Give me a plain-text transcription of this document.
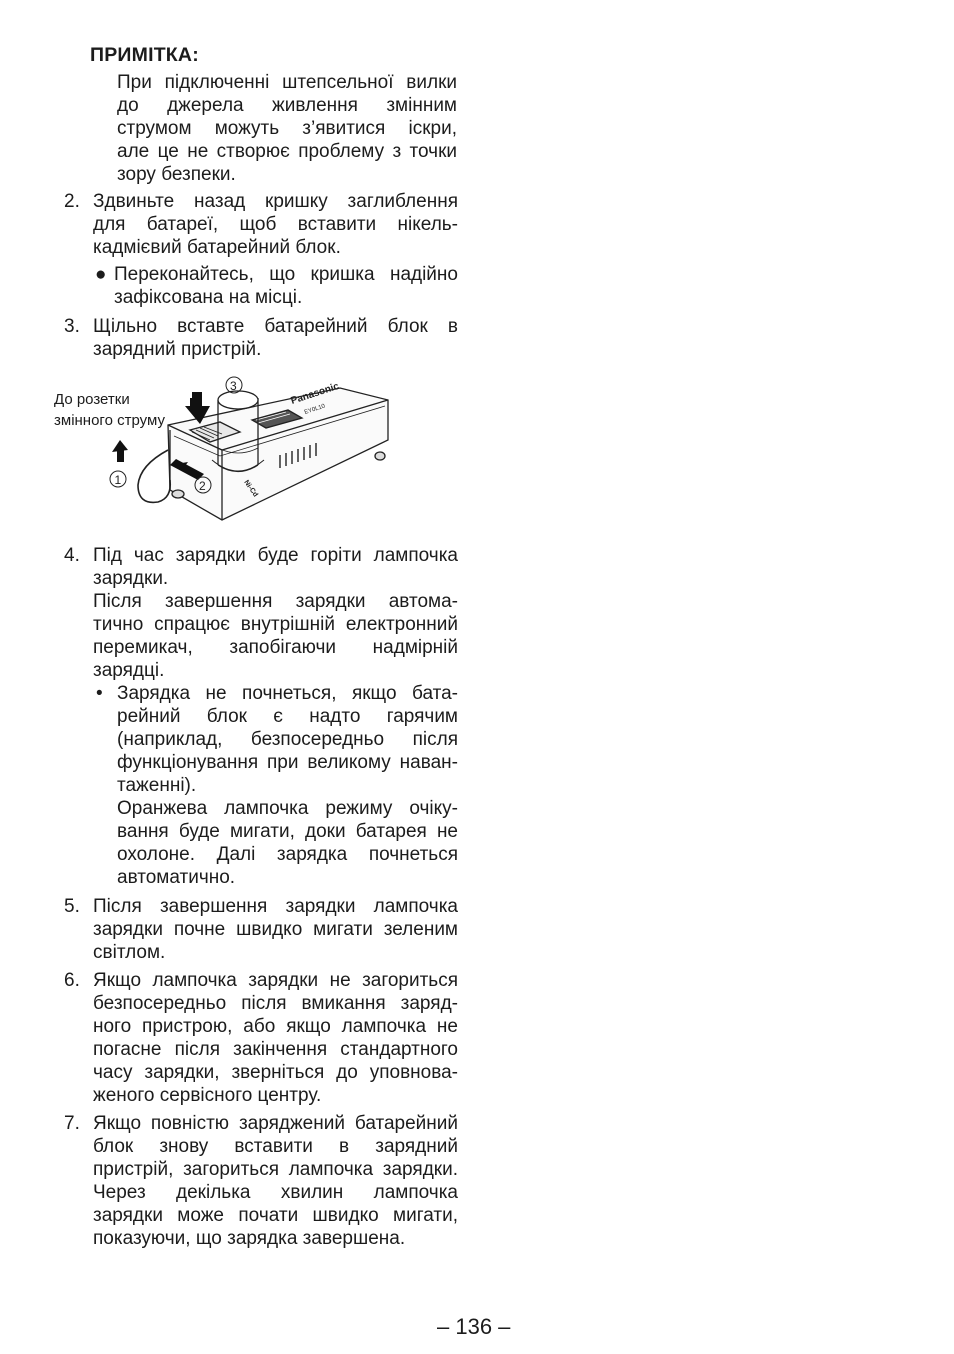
ПРИМІТКА:
При підключенні штепсельної вилки
до джерела живлення змінним
струмом можуть з’явитися іскри,
але це не створює проблему з точки
зору безпеки.
2. Здвиньте назад кришку заглиблення
для батареї, щоб вставити нікель-
кадмієвий батарейний блок.
● Переконайтесь, що кришка надійно
зафіксована на місці.
3. Щільно вставте батарейний блок в
зарядний пристрій.
До розетки
змінного струму
Panasonic
EY0L10
Ni-Cd
3
1	2
4. Під час зарядки буде горіти лампочка
зарядки.
Після завершення зарядки автома-
тично спрацює внутрішній електронний
перемикач, запобігаючи надмірній
зарядці.
• Зарядка не почнеться, якщо бата-
рейний блок є надто гарячим
(наприклад, безпосередньо після
функціонування при великому наван-
таженні).
Оранжева лампочка режиму очіку-
вання буде мигати, доки батарея не
охолоне. Далі зарядка почнеться
автоматично.
5. Після завершення зарядки лампочка
зарядки почне швидко мигати зеленим
світлом.
6. Якщо лампочка зарядки не загориться
безпосередньо після вмикання заряд-
ного пристрою, або якщо лампочка не
погасне після закінчення стандартного
часу зарядки, зверніться до уповнова-
женого сервісного центру.
7. Якщо повністю заряджений батарейний
блок знову вставити в зарядний
пристрій, загориться лампочка зарядки.
Через декілька хвилин лампочка
зарядки може почати швидко мигати,
показуючи, що зарядка завершена.
– 136 –
